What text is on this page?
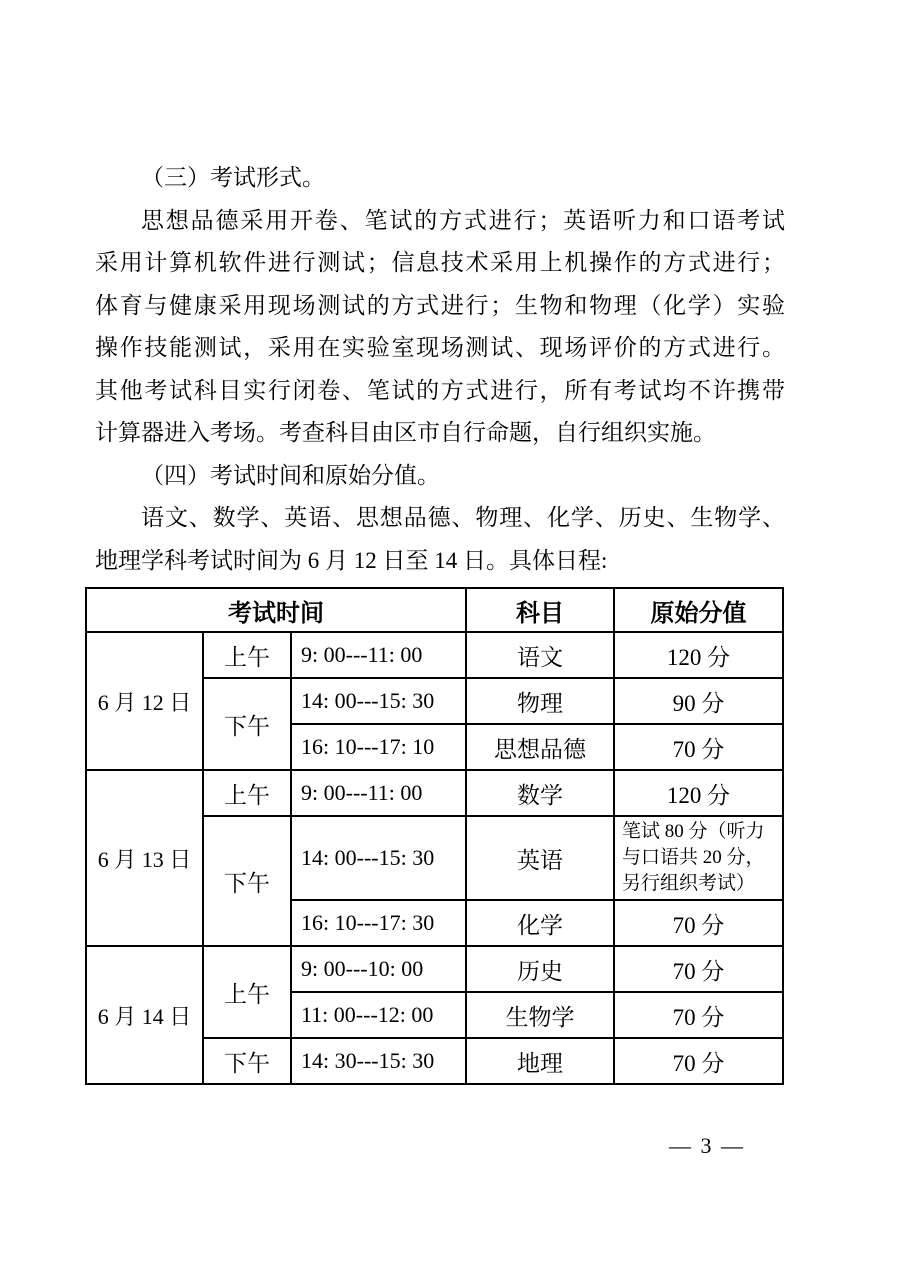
（三）考试形式。
思想品德采用开卷、笔试的方式进行；英语听力和口语考试
采用计算机软件进行测试；信息技术采用上机操作的方式进行；
体育与健康采用现场测试的方式进行；生物和物理（化学）实验
操作技能测试，采用在实验室现场测试、现场评价的方式进行。
其他考试科目实行闭卷、笔试的方式进行，所有考试均不许携带
计算器进入考场。考查科目由区市自行命题，自行组织实施。
（四）考试时间和原始分值。
语文、数学、英语、思想品德、物理、化学、历史、生物学、
地理学科考试时间为 6 月 12 日至 14 日。具体日程:
考试时间			科目	原始分值
6 月 12 日	上午	9: 00---11: 00	语文	120 分
	下午	14: 00---15: 30	物理	90 分
		16: 10---17: 10	思想品德	70 分
6 月 13 日	上午	9: 00---11: 00	数学	120 分
	下午	14: 00---15: 30	英语	笔试 80 分（听力
与口语共 20 分，
另行组织考试）

		16: 10---17: 30	化学	70 分
6 月 14 日	上午	9: 00---10: 00	历史	70 分
		11: 00---12: 00	生物学	70 分
	下午	14: 30---15: 30	地理	70 分
— 3 —
